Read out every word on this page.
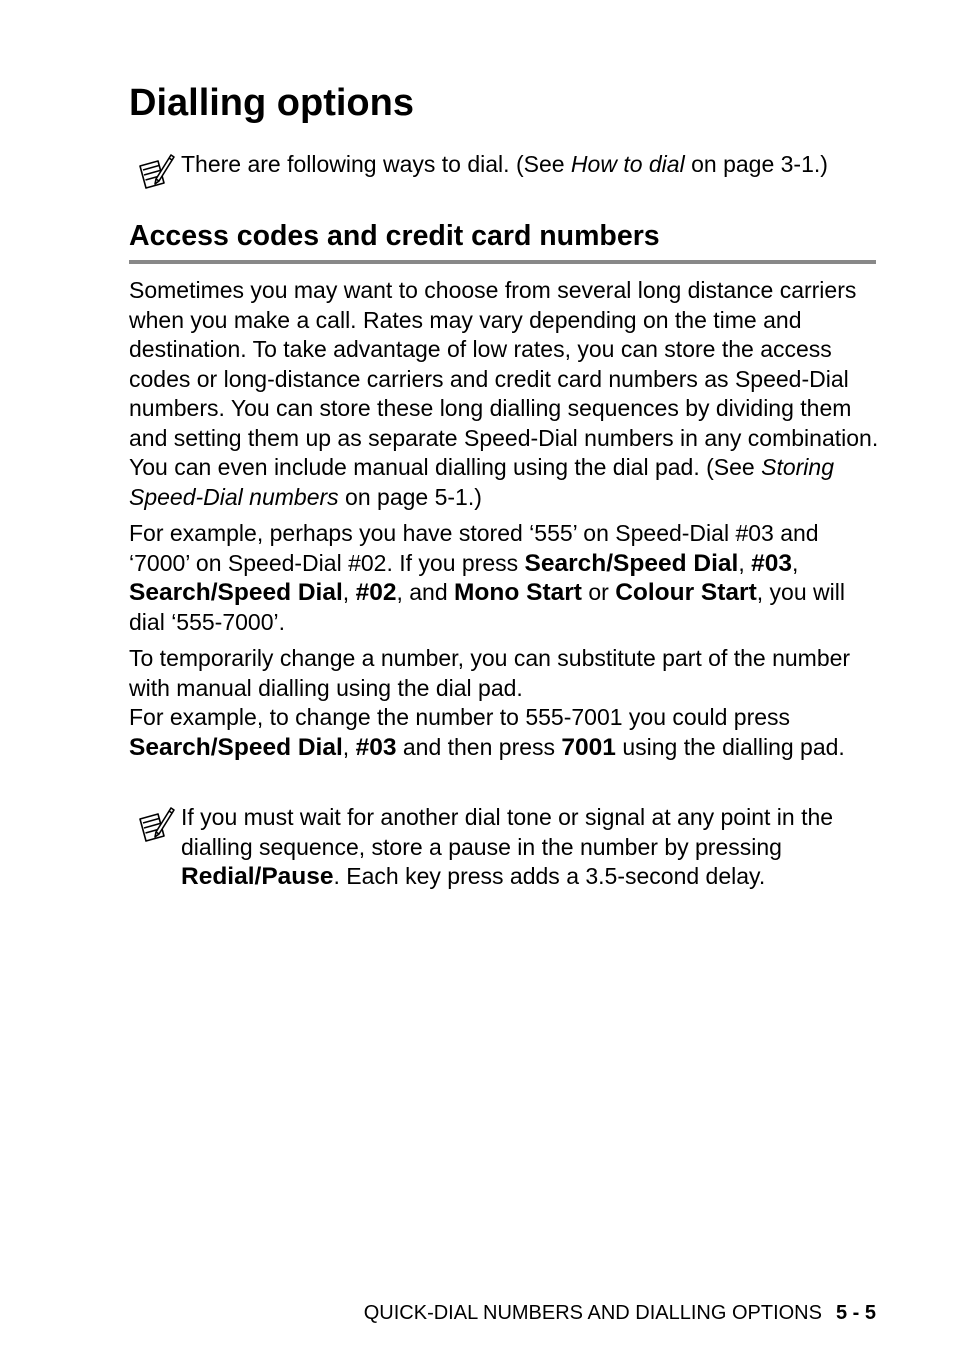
Dialling options
There are following ways to dial. (See How to dial on page 3-1.)
Access codes and credit card numbers

Sometimes you may want to choose from several long distance carriers when you make a call. Rates may vary depending on the time and destination. To take advantage of low rates, you can store the access codes or long-distance carriers and credit card numbers as Speed-Dial numbers. You can store these long dialling sequences by dividing them and setting them up as separate Speed-Dial numbers in any combination. You can even include manual dialling using the dial pad. (See Storing Speed-Dial numbers on page 5-1.)

For example, perhaps you have stored ‘555’ on Speed-Dial #03 and ‘7000’ on Speed-Dial #02. If you press Search/Speed Dial, #03, Search/Speed Dial, #02, and Mono Start or Colour Start, you will dial ‘555-7000’.

To temporarily change a number, you can substitute part of the number with manual dialling using the dial pad.
For example, to change the number to 555-7001 you could press Search/Speed Dial, #03 and then press 7001 using the dialling pad.

If you must wait for another dial tone or signal at any point in the dialling sequence, store a pause in the number by pressing Redial/Pause. Each key press adds a 3.5-second delay.
QUICK-DIAL NUMBERS AND DIALLING OPTIONS 5 - 5
